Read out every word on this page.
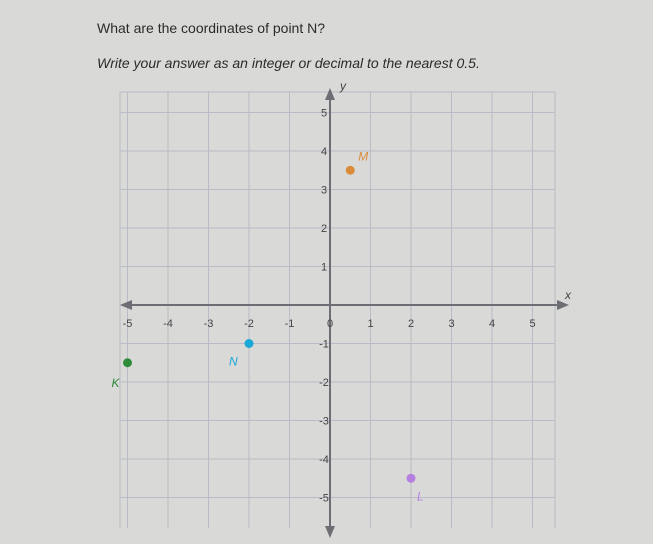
What are the coordinates of point N?
Write your answer as an integer or decimal to the nearest 0.5.
x
y
-5	-4	-3	-2	-1	0	1	2	3	4	5
-5
-4
-3
-2
-1
1
2
3
4
5
M
K
N
L
